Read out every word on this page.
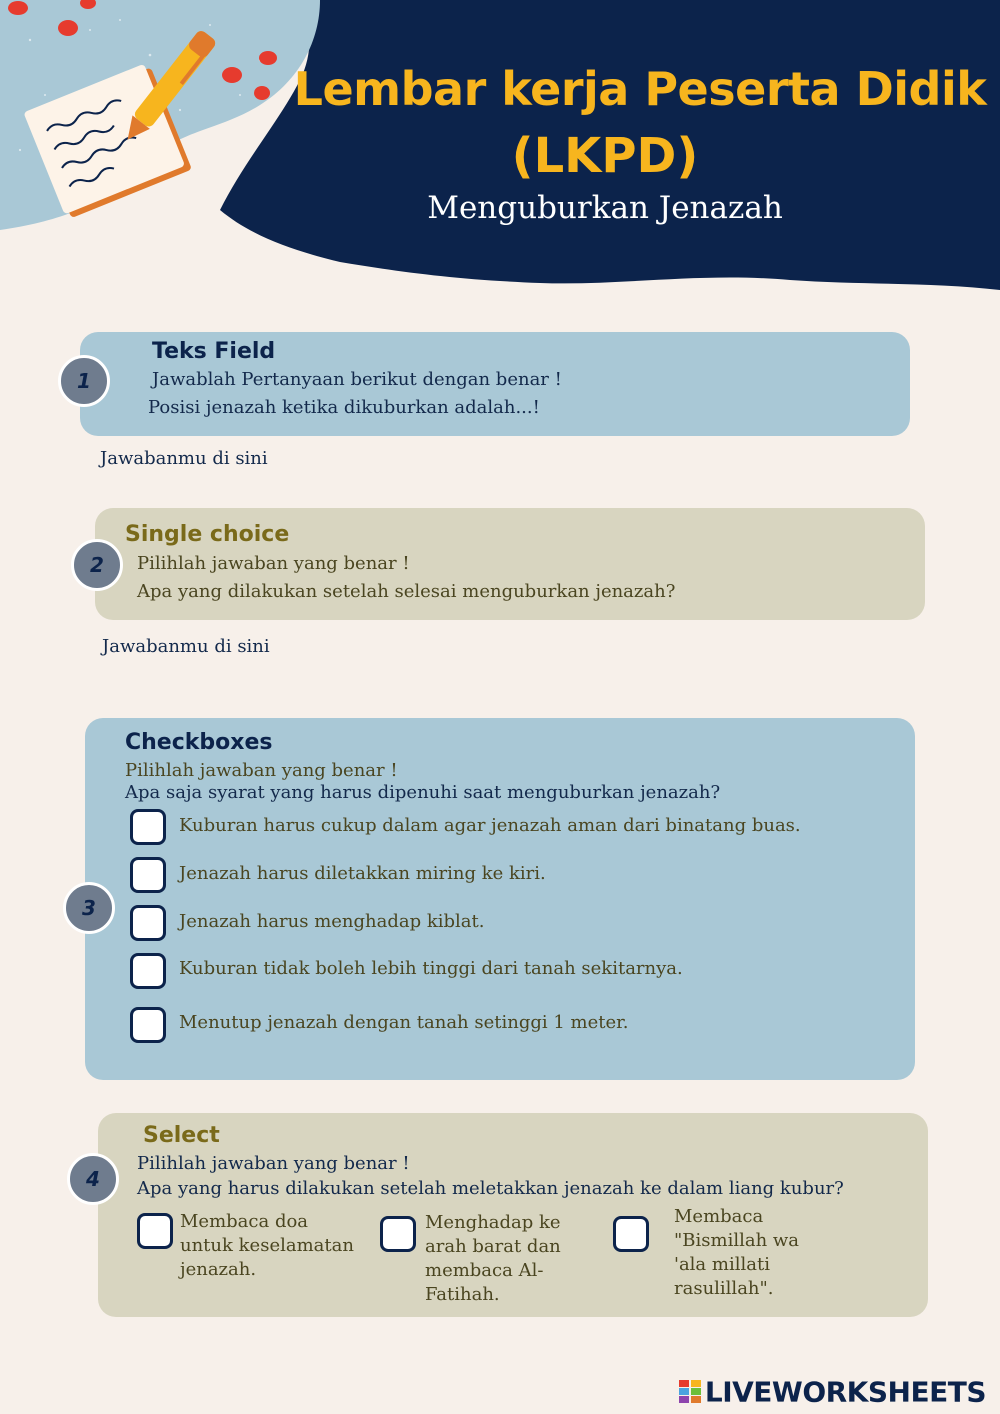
Lembar kerja Peserta Didik
(LKPD)
Menguburkan Jenazah
1
Teks Field
Jawablah Pertanyaan berikut dengan benar !
Posisi jenazah ketika dikuburkan adalah...!
Jawabanmu di sini
2
Single choice
Pilihlah jawaban yang benar !
Apa yang dilakukan setelah selesai menguburkan jenazah?
Jawabanmu di sini
3
Checkboxes
Pilihlah jawaban yang benar !
Apa saja syarat yang harus dipenuhi saat menguburkan jenazah?
Kuburan harus cukup dalam agar jenazah aman dari binatang buas.
Jenazah harus diletakkan miring ke kiri.
Jenazah harus menghadap kiblat.
Kuburan tidak boleh lebih tinggi dari tanah sekitarnya.
Menutup jenazah dengan tanah setinggi 1 meter.
4
Select
Pilihlah jawaban yang benar !
Apa yang harus dilakukan setelah meletakkan jenazah ke dalam liang kubur?
Membaca doa
untuk keselamatan
jenazah.
Menghadap ke
arah barat dan
membaca Al-
Fatihah.
Membaca
"Bismillah wa
'ala millati
rasulillah".
LIVEWORKSHEETS
